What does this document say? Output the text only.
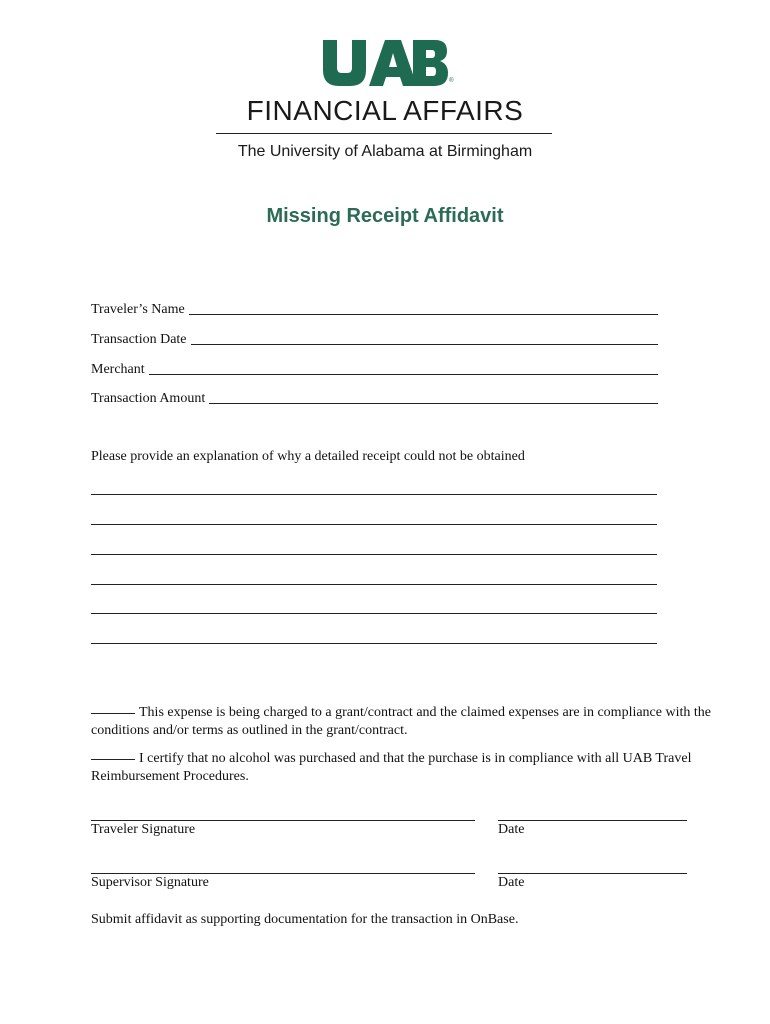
®
FINANCIAL AFFAIRS
The University of Alabama at Birmingham
Missing Receipt Affidavit
Traveler’s Name
Transaction Date
Merchant
Transaction Amount
Please provide an explanation of why a detailed receipt could not be obtained
This expense is being charged to a grant/contract and the claimed expenses are in compliance with the conditions and/or terms as outlined in the grant/contract.
I certify that no alcohol was purchased and that the purchase is in compliance with all UAB Travel Reimbursement Procedures.
Traveler Signature	Date
Supervisor Signature	Date
Submit affidavit as supporting documentation for the transaction in OnBase.
